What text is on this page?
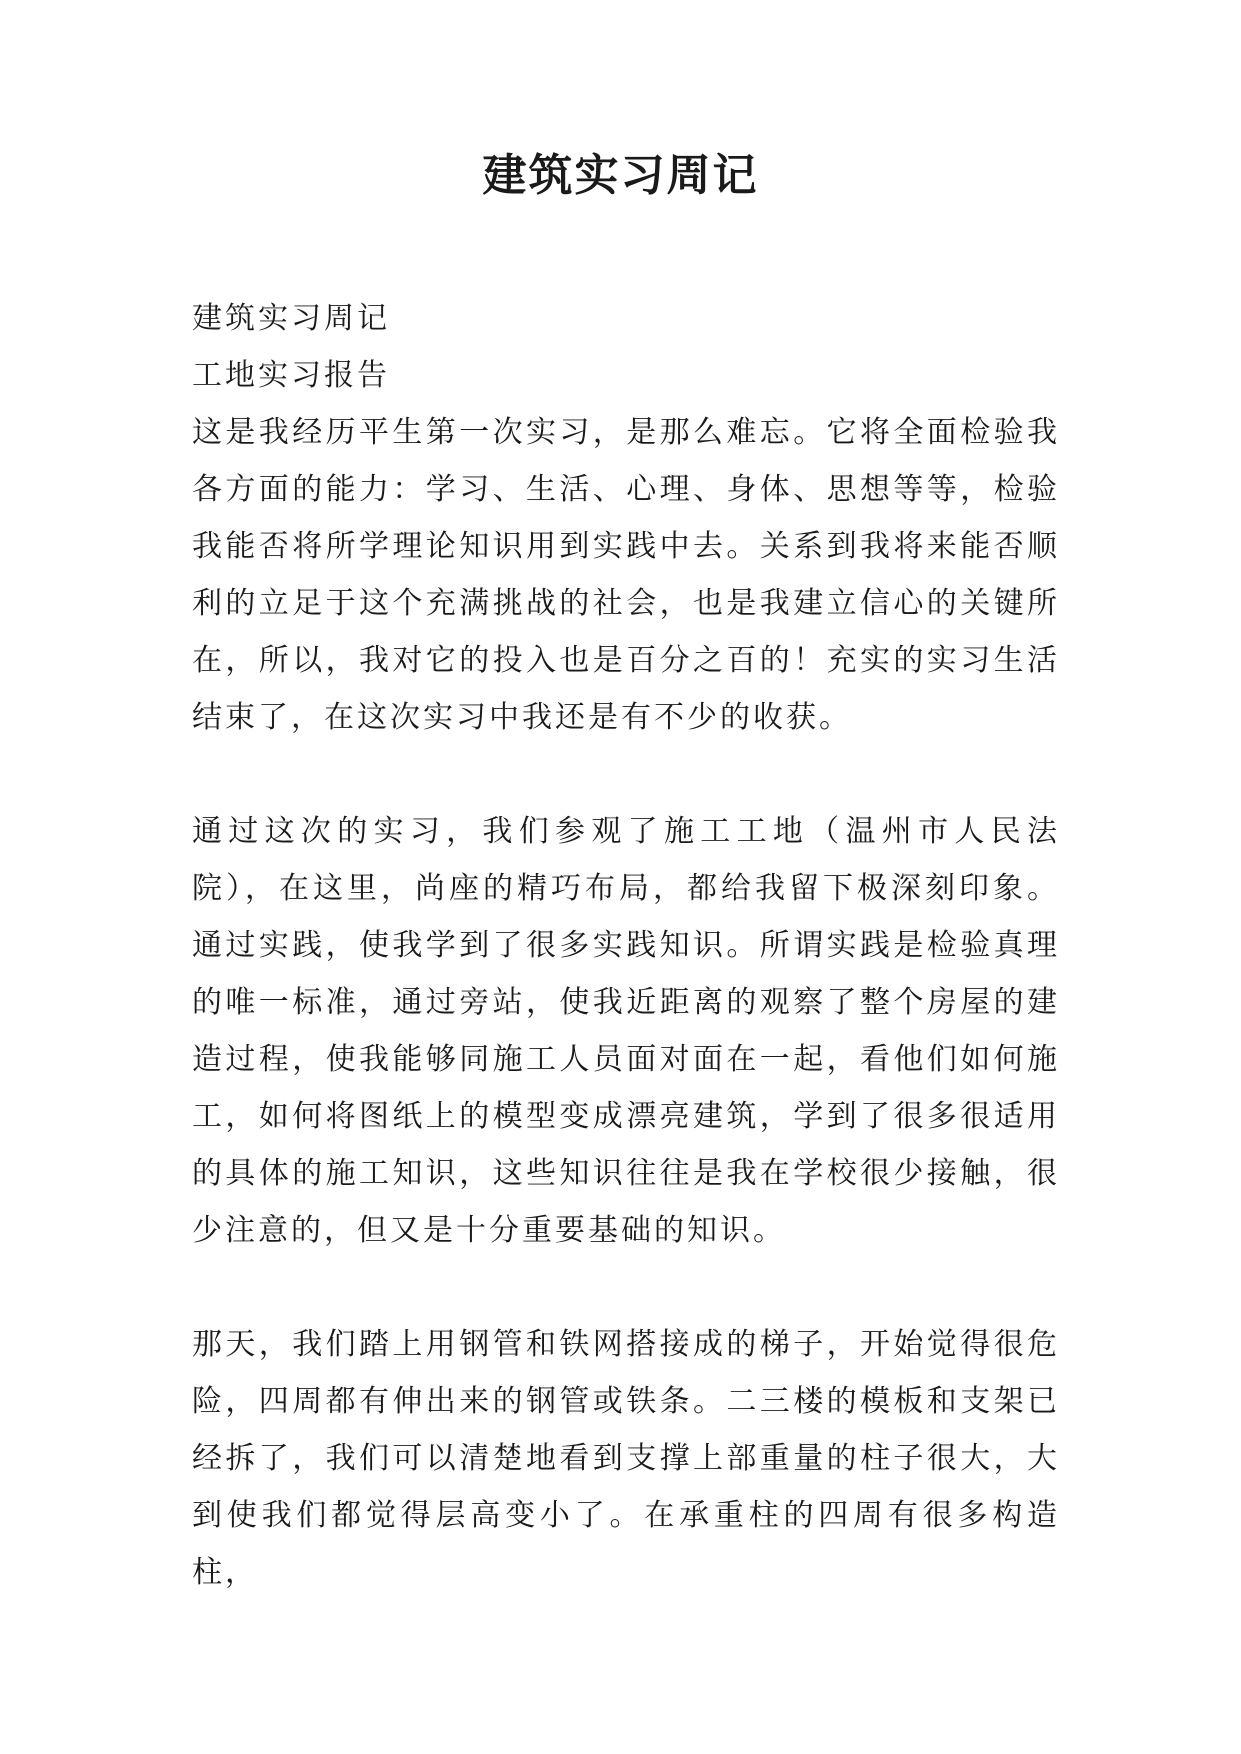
建筑实习周记

建筑实习周记

工地实习报告

这是我经历平生第一次实习，是那么难忘。它将全面检验我各方面的能力：学习、生活、心理、身体、思想等等，检验我能否将所学理论知识用到实践中去。关系到我将来能否顺利的立足于这个充满挑战的社会，也是我建立信心的关键所在，所以，我对它的投入也是百分之百的！充实的实习生活结束了，在这次实习中我还是有不少的收获。

通过这次的实习，我们参观了施工工地（温州市人民法院），在这里，尚座的精巧布局，都给我留下极深刻印象。 通过实践，使我学到了很多实践知识。所谓实践是检验真理的唯一标准，通过旁站，使我近距离的观察了整个房屋的建造过程，使我能够同施工人员面对面在一起，看他们如何施工，如何将图纸上的模型变成漂亮建筑，学到了很多很适用的具体的施工知识，这些知识往往是我在学校很少接触，很少注意的，但又是十分重要基础的知识。

那天，我们踏上用钢管和铁网搭接成的梯子，开始觉得很危险，四周都有伸出来的钢管或铁条。二三楼的模板和支架已经拆了，我们可以清楚地看到支撑上部重量的柱子很大，大到使我们都觉得层高变小了。在承重柱的四周有很多构造柱，
